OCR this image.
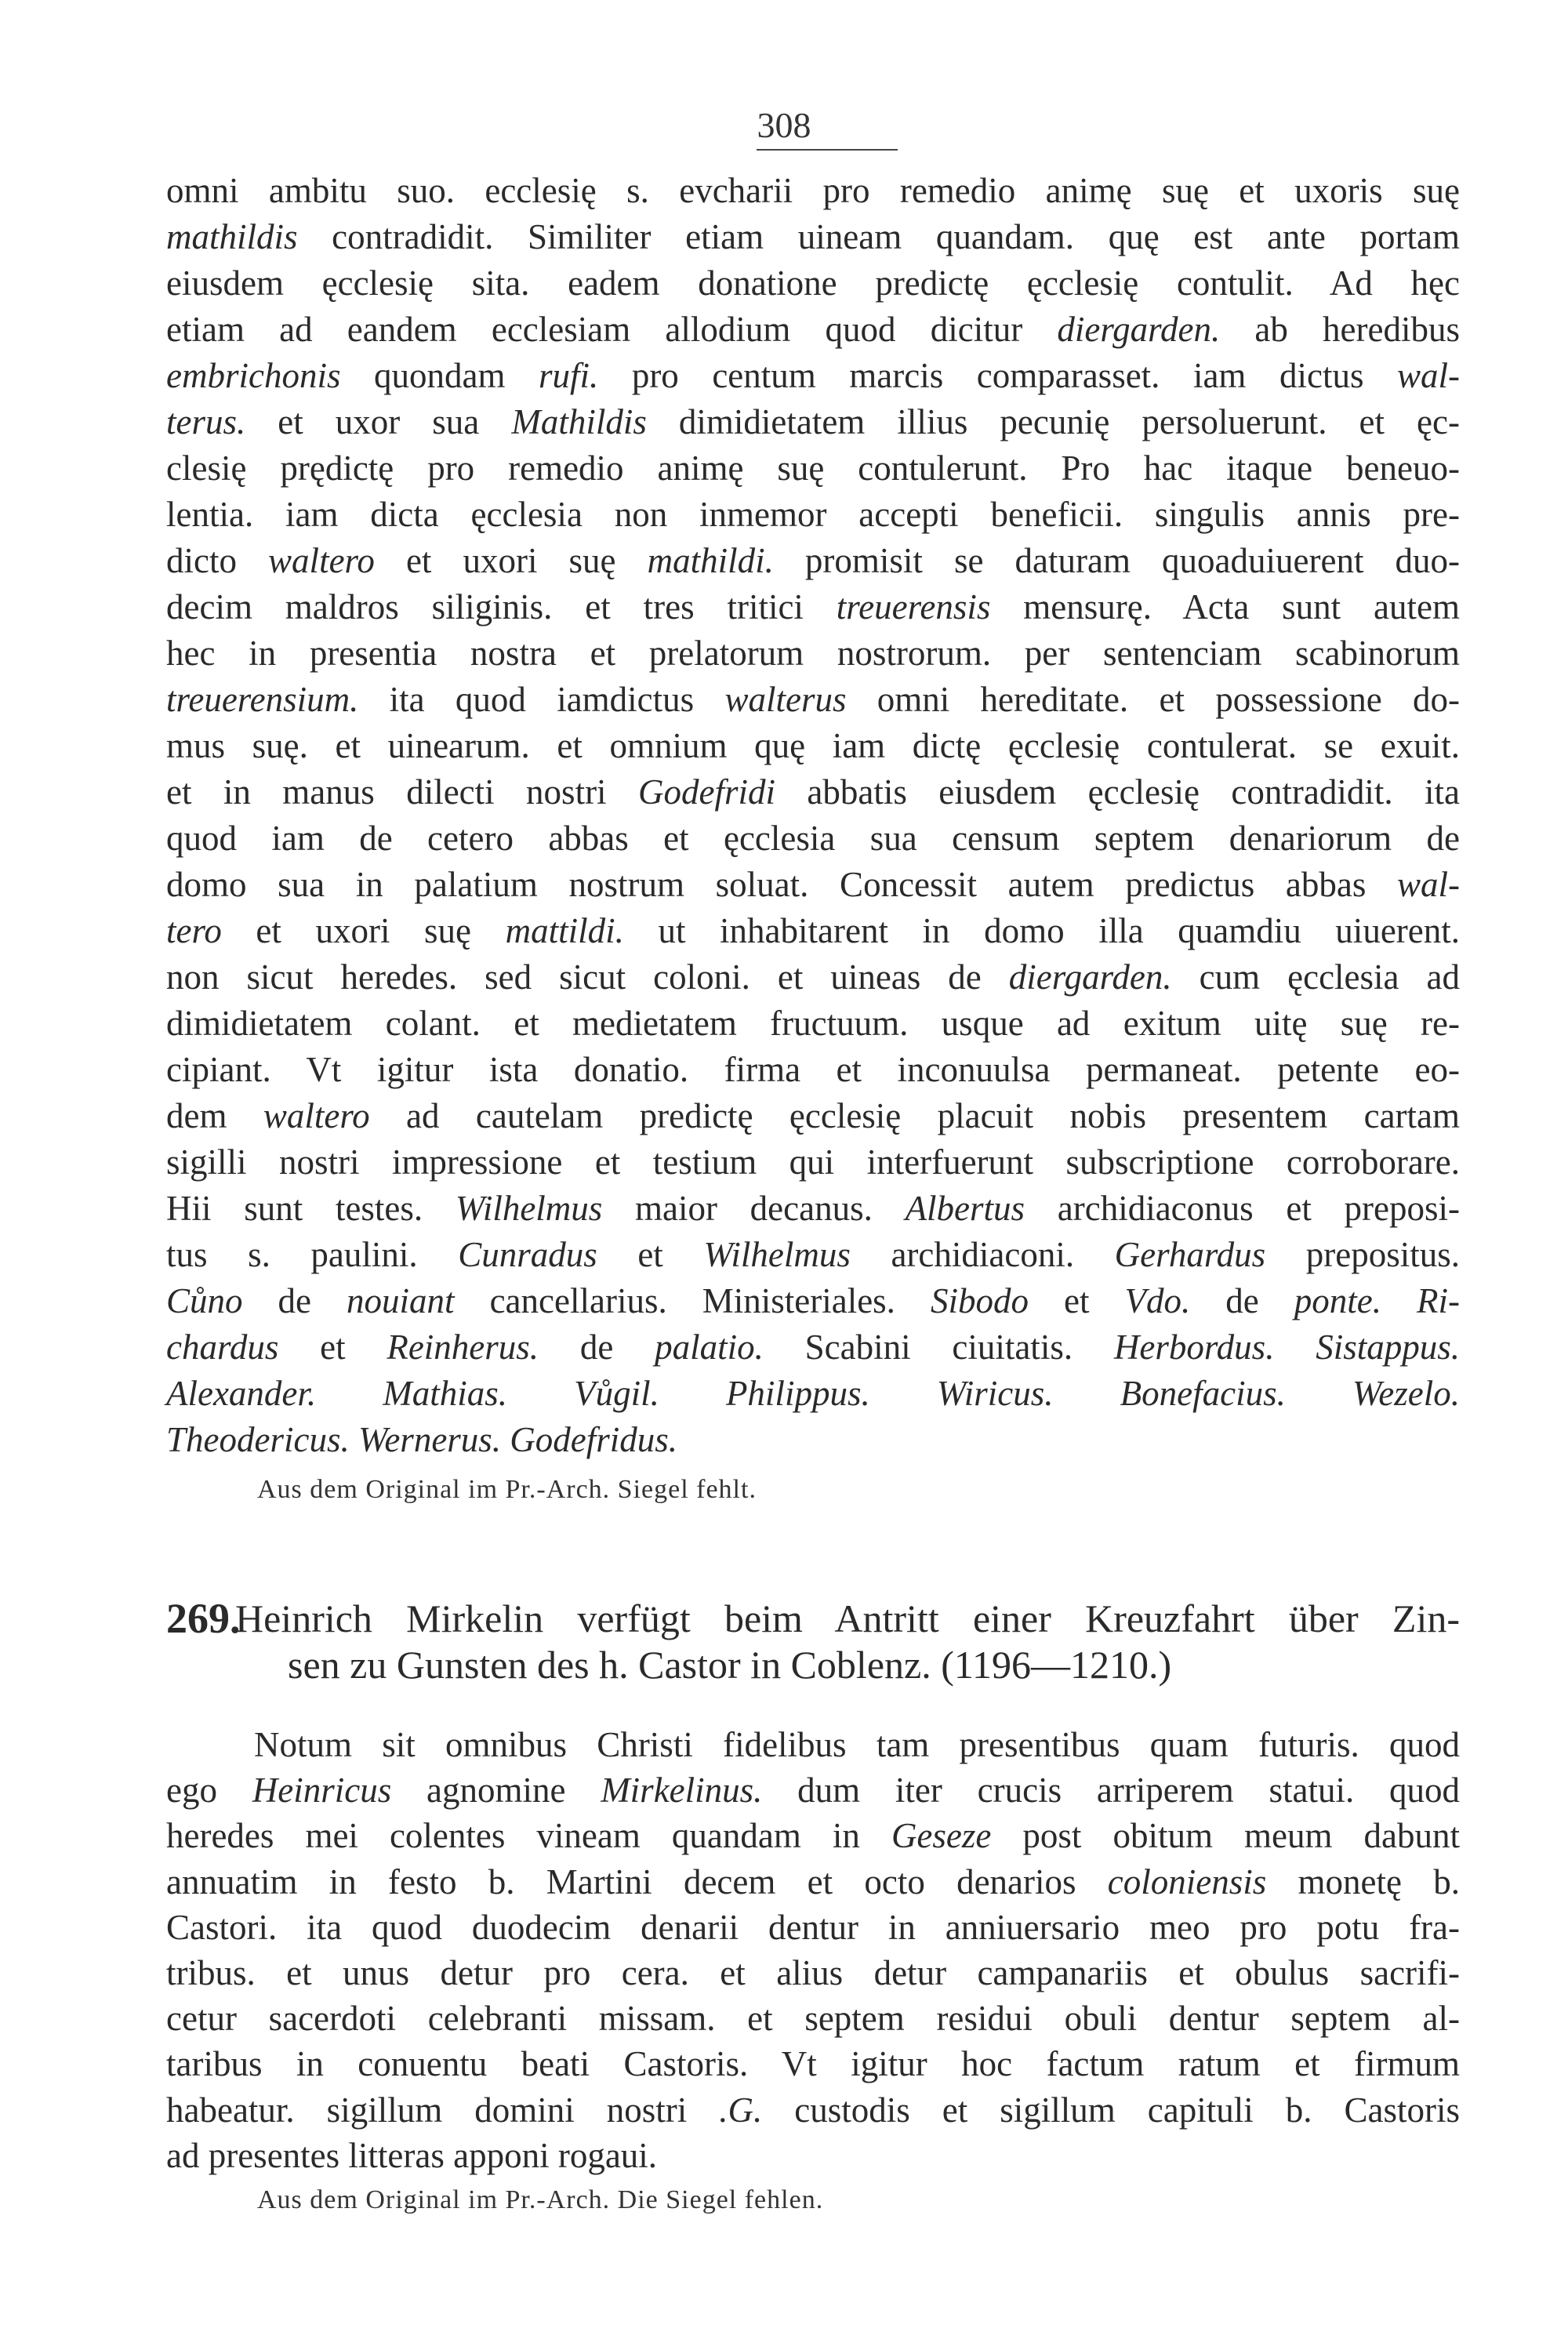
308
omni ambitu suo. ecclesię s. evcharii pro remedio animę suę et uxoris suę
mathildis contradidit. Similiter etiam uineam quandam. quę est ante portam
eiusdem ęcclesię sita. eadem donatione predictę ęcclesię contulit. Ad hęc
etiam ad eandem ecclesiam allodium quod dicitur diergarden. ab heredibus
embrichonis quondam rufi. pro centum marcis comparasset. iam dictus wal-
terus. et uxor sua Mathildis dimidietatem illius pecunię persoluerunt. et ęc-
clesię prędictę pro remedio animę suę contulerunt. Pro hac itaque beneuo-
lentia. iam dicta ęcclesia non inmemor accepti beneficii. singulis annis pre-
dicto waltero et uxori suę mathildi. promisit se daturam quoaduiuerent duo-
decim maldros siliginis. et tres tritici treuerensis mensurę. Acta sunt autem
hec in presentia nostra et prelatorum nostrorum. per sentenciam scabinorum
treuerensium. ita quod iamdictus walterus omni hereditate. et possessione do-
mus suę. et uinearum. et omnium quę iam dictę ęcclesię contulerat. se exuit.
et in manus dilecti nostri Godefridi abbatis eiusdem ęcclesię contradidit. ita
quod iam de cetero abbas et ęcclesia sua censum septem denariorum de
domo sua in palatium nostrum soluat. Concessit autem predictus abbas wal-
tero et uxori suę mattildi. ut inhabitarent in domo illa quamdiu uiuerent.
non sicut heredes. sed sicut coloni. et uineas de diergarden. cum ęcclesia ad
dimidietatem colant. et medietatem fructuum. usque ad exitum uitę suę re-
cipiant. Vt igitur ista donatio. firma et inconuulsa permaneat. petente eo-
dem waltero ad cautelam predictę ęcclesię placuit nobis presentem cartam
sigilli nostri impressione et testium qui interfuerunt subscriptione corroborare.
Hii sunt testes. Wilhelmus maior decanus. Albertus archidiaconus et preposi-
tus s. paulini. Cunradus et Wilhelmus archidiaconi. Gerhardus prepositus.
Cůno de nouiant cancellarius. Ministeriales. Sibodo et Vdo. de ponte. Ri-
chardus et Reinherus. de palatio. Scabini ciuitatis. Herbordus. Sistappus.
Alexander. Mathias. Vůgil. Philippus. Wiricus. Bonefacius. Wezelo.
Theodericus. Wernerus. Godefridus.
Aus dem Original im Pr.-Arch. Siegel fehlt.
269.
Heinrich Mirkelin verfügt beim Antritt einer Kreuzfahrt über Zin-
sen zu Gunsten des h. Castor in Coblenz. (1196—1210.)
Notum sit omnibus Christi fidelibus tam presentibus quam futuris. quod
ego Heinricus agnomine Mirkelinus. dum iter crucis arriperem statui. quod
heredes mei colentes vineam quandam in Geseze post obitum meum dabunt
annuatim in festo b. Martini decem et octo denarios coloniensis monetę b.
Castori. ita quod duodecim denarii dentur in anniuersario meo pro potu fra-
tribus. et unus detur pro cera. et alius detur campanariis et obulus sacrifi-
cetur sacerdoti celebranti missam. et septem residui obuli dentur septem al-
taribus in conuentu beati Castoris. Vt igitur hoc factum ratum et firmum
habeatur. sigillum domini nostri .G. custodis et sigillum capituli b. Castoris
ad presentes litteras apponi rogaui.
Aus dem Original im Pr.-Arch. Die Siegel fehlen.
